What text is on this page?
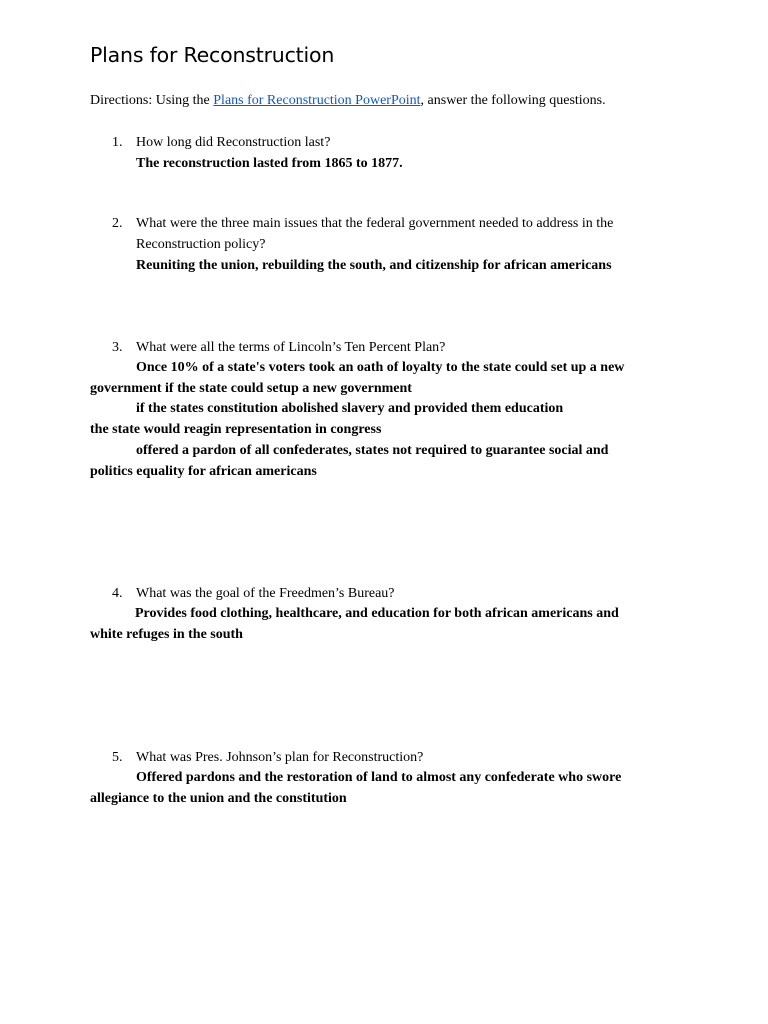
Plans for Reconstruction
Directions: Using the Plans for Reconstruction PowerPoint, answer the following questions.
1. How long did Reconstruction last?
The reconstruction lasted from 1865 to 1877.
2. What were the three main issues that the federal government needed to address in the Reconstruction policy?
Reuniting the union, rebuilding the south, and citizenship for african americans
3. What were all the terms of Lincoln’s Ten Percent Plan?
Once 10% of a state's voters took an oath of loyalty to the state could set up a new
government if the state could setup a new government
if the states constitution abolished slavery and provided them education
the state would reagin representation in congress
offered a pardon of all confederates, states not required to guarantee social and
politics equality for african americans
4. What was the goal of the Freedmen’s Bureau?
Provides food clothing, healthcare, and education for both african americans and
white refuges in the south
5. What was Pres. Johnson’s plan for Reconstruction?
Offered pardons and the restoration of land to almost any confederate who swore
allegiance to the union and the constitution
